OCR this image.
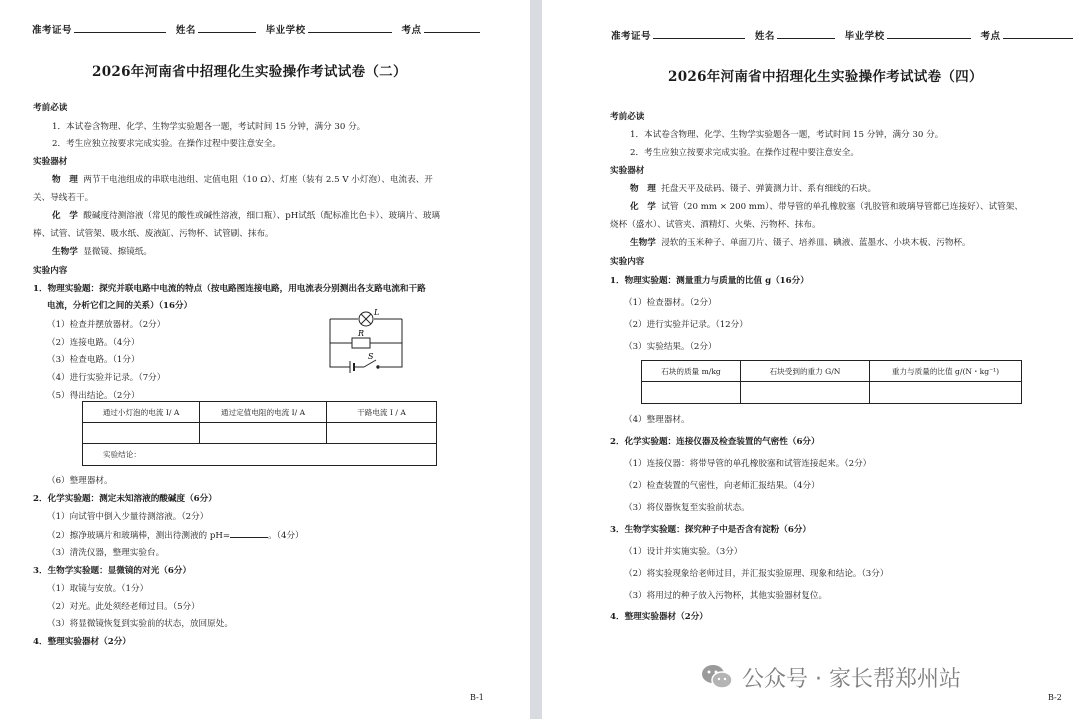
准考证号	姓名	毕业学校	考点
2026年河南省中招理化生实验操作考试试卷（二）
考前必读
1．本试卷含物理、化学、生物学实验题各一题，考试时间 15 分钟，满分 30 分。
2．考生应独立按要求完成实验。在操作过程中要注意安全。
实验器材
物　理 两节干电池组成的串联电池组、定值电阻（10 Ω）、灯座（装有 2.5 V 小灯泡）、电流表、开
关、导线若干。
化　学 酸碱度待测溶液（常见的酸性或碱性溶液，细口瓶）、pH试纸（配标准比色卡）、玻璃片、玻璃
棒、试管、试管架、吸水纸、废液缸、污物杯、试管刷、抹布。
生物学 显微镜、擦镜纸。
实验内容
1．物理实验题：探究并联电路中电流的特点（按电路图连接电路，用电流表分别测出各支路电流和干路
电流，分析它们之间的关系）（16分）
（1）检查并摆放器材。（2分）
（2）连接电路。（4分）
（3）检查电路。（1分）
（4）进行实验并记录。（7分）
（5）得出结论。（2分）
L
R
S
通过小灯泡的电流 I/ A	通过定值电阻的电流 I/ A	干路电流 I / A

实验结论：		
（6）整理器材。
2．化学实验题：测定未知溶液的酸碱度（6分）
（1）向试管中倒入少量待测溶液。（2分）
（2）擦净玻璃片和玻璃棒，测出待测液的 pH=	。（4分）
（3）清洗仪器，整理实验台。
3．生物学实验题：显微镜的对光（6分）
（1）取镜与安放。（1分）
（2）对光。此处须经老师过目。（5分）
（3）将显微镜恢复到实验前的状态，放回原处。
4．整理实验器材（2分）
B-1
准考证号	姓名	毕业学校	考点
2026年河南省中招理化生实验操作考试试卷（四）
考前必读
1．本试卷含物理、化学、生物学实验题各一题，考试时间 15 分钟，满分 30 分。
2．考生应独立按要求完成实验。在操作过程中要注意安全。
实验器材
物　理 托盘天平及砝码、镊子、弹簧测力计、系有细线的石块。
化　学 试管（20 mm × 200 mm）、带导管的单孔橡胶塞（乳胶管和玻璃导管都已连接好）、试管架、
烧杯（盛水）、试管夹、酒精灯、火柴、污物杯、抹布。
生物学 浸软的玉米种子、单面刀片、镊子、培养皿、碘液、蓝墨水、小块木板、污物杯。
实验内容
1．物理实验题：测量重力与质量的比值 g（16分）
（1）检查器材。（2分）
（2）进行实验并记录。（12分）
（3）实验结果。（2分）
石块的质量 m/kg	石块受到的重力 G/N	重力与质量的比值 g/(N・kg⁻¹)

（4）整理器材。
2．化学实验题：连接仪器及检查装置的气密性（6分）
（1）连接仪器：将带导管的单孔橡胶塞和试管连接起来。（2分）
（2）检查装置的气密性，向老师汇报结果。（4分）
（3）将仪器恢复至实验前状态。
3．生物学实验题：探究种子中是否含有淀粉（6分）
（1）设计并实施实验。（3分）
（2）将实验现象给老师过目，并汇报实验原理、现象和结论。（3分）
（3）将用过的种子放入污物杯，其他实验器材复位。
4．整理实验器材（2分）
B-2
公众号 · 家长帮郑州站
